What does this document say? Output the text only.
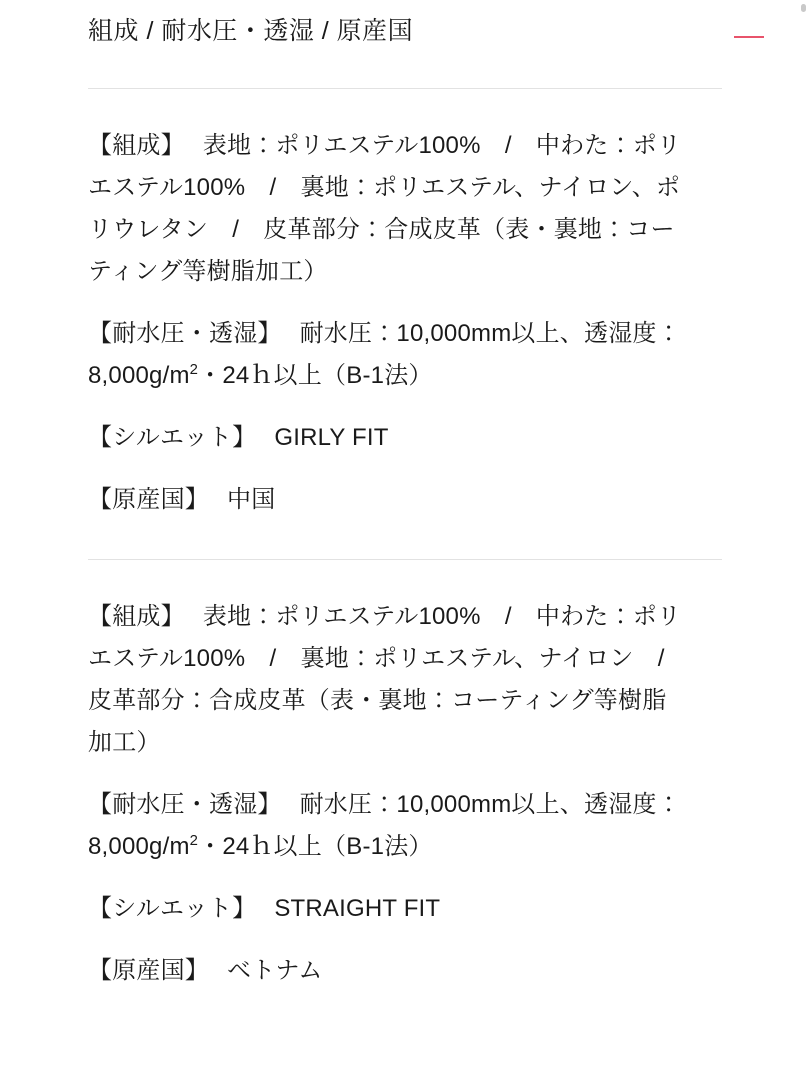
組成 / 耐水圧・透湿 / 原産国

【組成】 表地：ポリエステル100%　/　中わた：ポリエステル100%　/　裏地：ポリエステル、ナイロン、ポリウレタン　/　皮革部分：合成皮革（表・裏地：コーティング等樹脂加工）

【耐水圧・透湿】 耐水圧：10,000mm以上、透湿度：$8,000g/m^2$・24ｈ以上（B-1法）

【シルエット】 GIRLY FIT

【原産国】 中国

【組成】 表地：ポリエステル100%　/　中わた：ポリエステル100%　/　裏地：ポリエステル、ナイロン　/　皮革部分：合成皮革（表・裏地：コーティング等樹脂加工）

【耐水圧・透湿】 耐水圧：10,000mm以上、透湿度：$8,000g/m^2$・24ｈ以上（B-1法）

【シルエット】 STRAIGHT FIT

【原産国】 ベトナム
